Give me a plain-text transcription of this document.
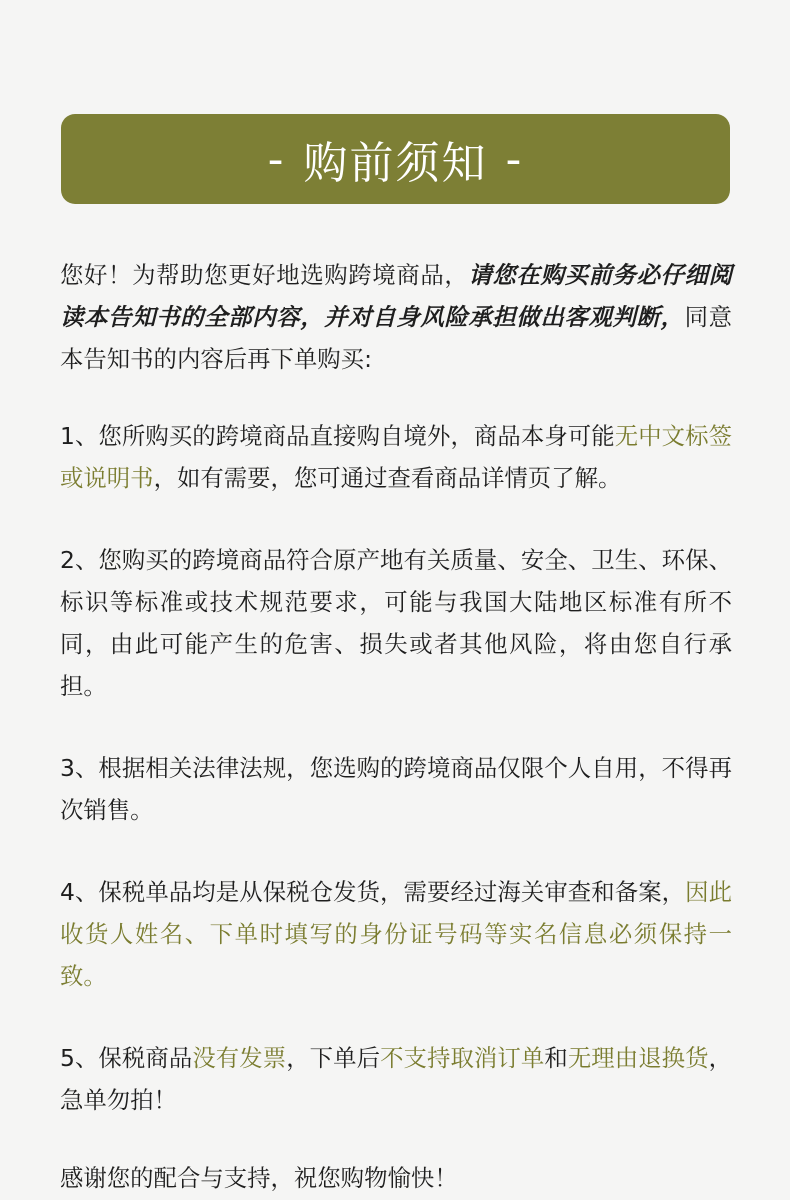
- 购前须知 -

您好！为帮助您更好地选购跨境商品，请您在购买前务必仔细阅读本告知书的全部内容，并对自身风险承担做出客观判断，同意本告知书的内容后再下单购买:

1、您所购买的跨境商品直接购自境外，商品本身可能无中文标签或说明书，如有需要，您可通过查看商品详情页了解。

2、您购买的跨境商品符合原产地有关质量、安全、卫生、环保、标识等标准或技术规范要求，可能与我国大陆地区标准有所不同，由此可能产生的危害、损失或者其他风险，将由您自行承担。

3、根据相关法律法规，您选购的跨境商品仅限个人自用，不得再次销售。

4、保税单品均是从保税仓发货，需要经过海关审查和备案，因此收货人姓名、下单时填写的身份证号码等实名信息必须保持一致。

5、保税商品没有发票，下单后不支持取消订单和无理由退换货，急单勿拍！

感谢您的配合与支持，祝您购物愉快！
